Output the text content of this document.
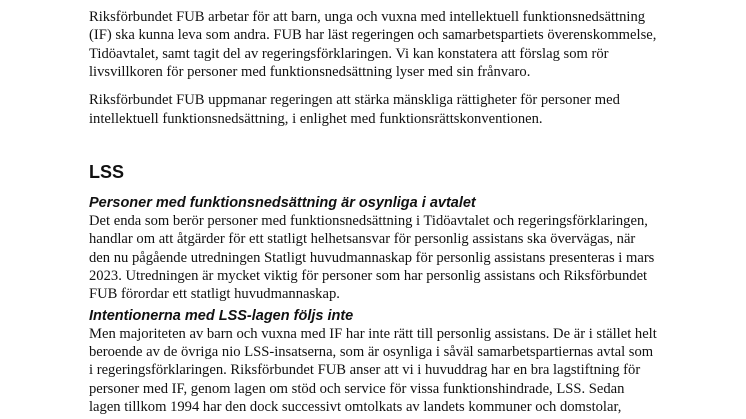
Riksförbundet FUB arbetar för att barn, unga och vuxna med intellektuell funktionsnedsättning
(IF) ska kunna leva som andra. FUB har läst regeringen och samarbetspartiets överenskommelse,
Tidöavtalet, samt tagit del av regeringsförklaringen. Vi kan konstatera att förslag som rör
livsvillkoren för personer med funktionsnedsättning lyser med sin frånvaro.

Riksförbundet FUB uppmanar regeringen att stärka mänskliga rättigheter för personer med
intellektuell funktionsnedsättning, i enlighet med funktionsrättskonventionen.

LSS
Personer med funktionsnedsättning är osynliga i avtalet

Det enda som berör personer med funktionsnedsättning i Tidöavtalet och regeringsförklaringen,
handlar om att åtgärder för ett statligt helhetsansvar för personlig assistans ska övervägas, när
den nu pågående utredningen Statligt huvudmannaskap för personlig assistans presenteras i mars
2023. Utredningen är mycket viktig för personer som har personlig assistans och Riksförbundet
FUB förordar ett statligt huvudmannaskap.

Intentionerna med LSS-lagen följs inte

Men majoriteten av barn och vuxna med IF har inte rätt till personlig assistans. De är i stället helt
beroende av de övriga nio LSS-insatserna, som är osynliga i såväl samarbetspartiernas avtal som
i regeringsförklaringen. Riksförbundet FUB anser att vi i huvuddrag har en bra lagstiftning för
personer med IF, genom lagen om stöd och service för vissa funktionshindrade, LSS. Sedan
lagen tillkom 1994 har den dock successivt omtolkats av landets kommuner och domstolar,
